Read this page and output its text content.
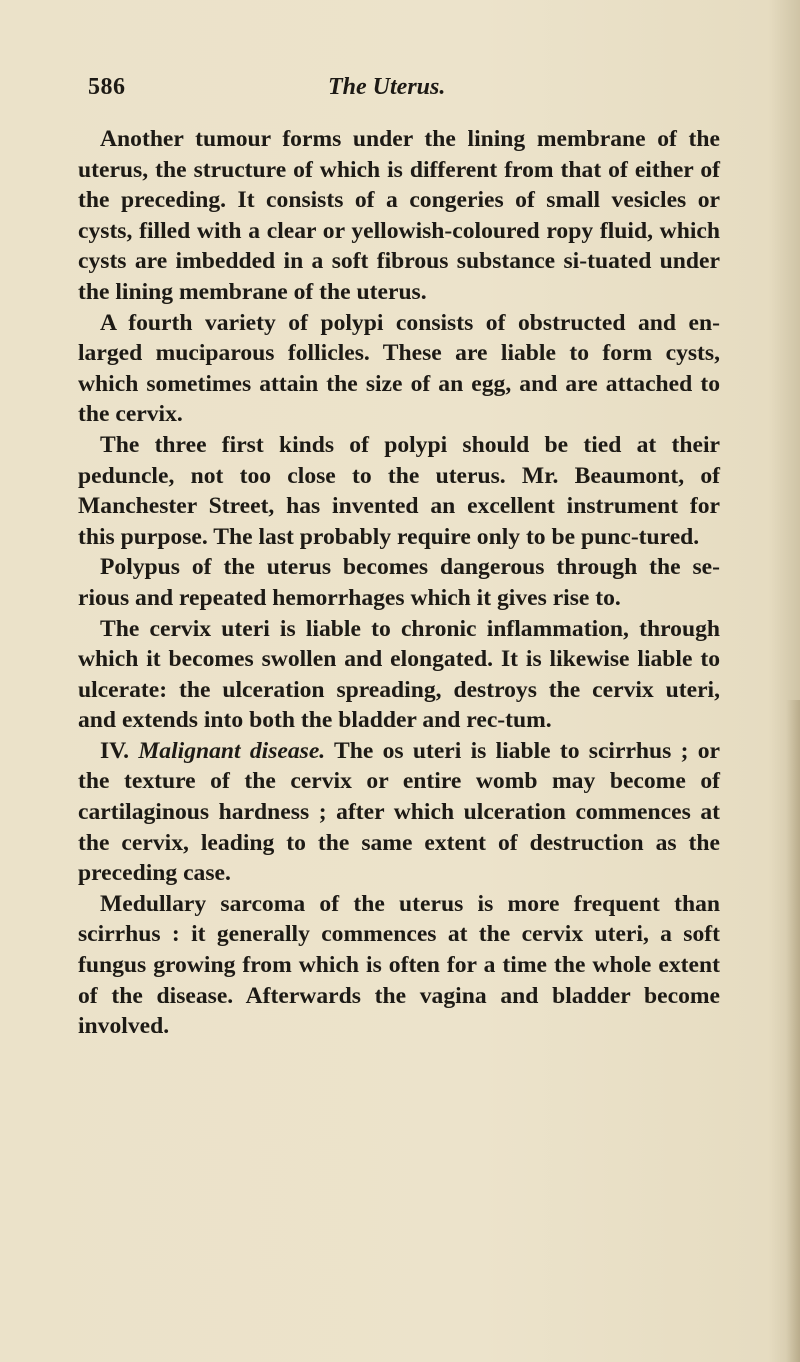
586	The Uterus.

Another tumour forms under the lining membrane of the uterus, the structure of which is different from that of either of the preceding. It consists of a congeries of small vesicles or cysts, filled with a clear or yellowish-coloured ropy fluid, which cysts are imbedded in a soft fibrous substance si-tuated under the lining membrane of the uterus.

A fourth variety of polypi consists of obstructed and en-larged muciparous follicles. These are liable to form cysts, which sometimes attain the size of an egg, and are attached to the cervix.

The three first kinds of polypi should be tied at their peduncle, not too close to the uterus. Mr. Beaumont, of Manchester Street, has invented an excellent instrument for this purpose. The last probably require only to be punc-tured.

Polypus of the uterus becomes dangerous through the se-rious and repeated hemorrhages which it gives rise to.

The cervix uteri is liable to chronic inflammation, through which it becomes swollen and elongated. It is likewise liable to ulcerate: the ulceration spreading, destroys the cervix uteri, and extends into both the bladder and rec-tum.

IV. Malignant disease. The os uteri is liable to scirrhus ; or the texture of the cervix or entire womb may become of cartilaginous hardness ; after which ulceration commences at the cervix, leading to the same extent of destruction as the preceding case.

Medullary sarcoma of the uterus is more frequent than scirrhus : it generally commences at the cervix uteri, a soft fungus growing from which is often for a time the whole extent of the disease. Afterwards the vagina and bladder become involved.
